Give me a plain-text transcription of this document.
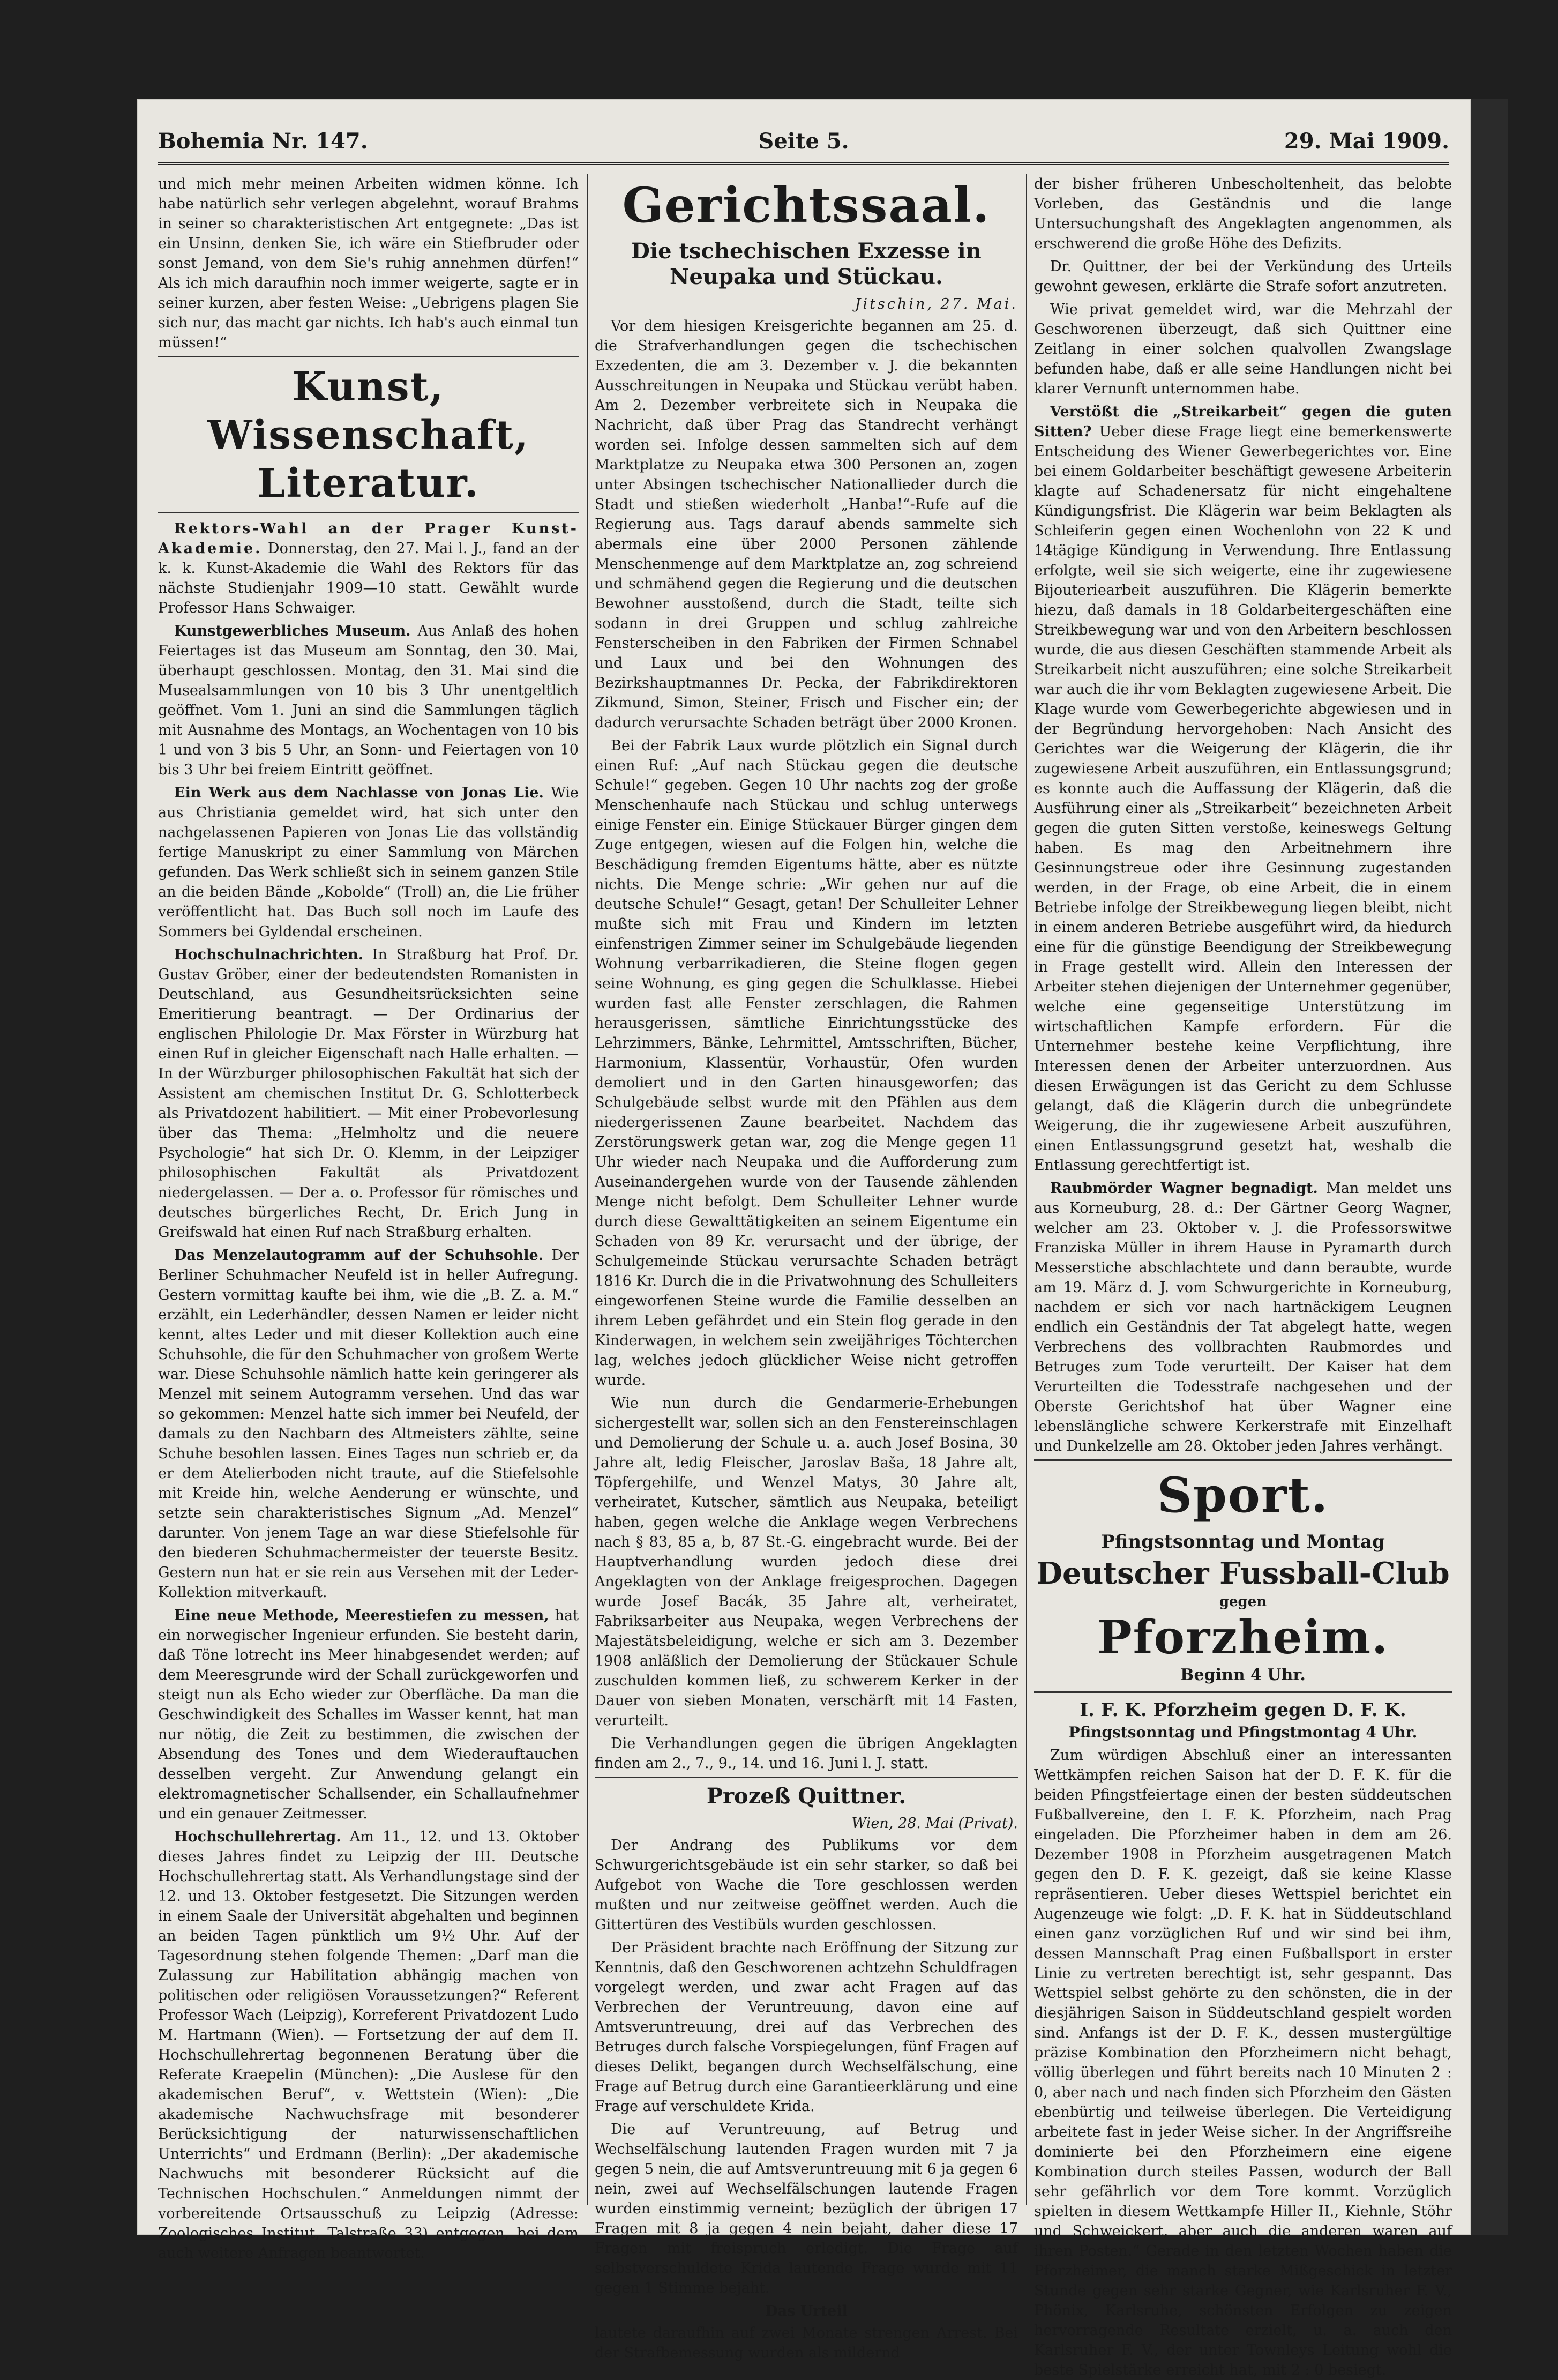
Bohemia Nr. 147.	Seite 5.	29. Mai 1909.

und mich mehr meinen Arbeiten widmen könne. Ich habe natürlich sehr verlegen abgelehnt, worauf Brahms in seiner so charakteristischen Art entgegnete: „Das ist ein Unsinn, denken Sie, ich wäre ein Stiefbruder oder sonst Jemand, von dem Sie's ruhig annehmen dürfen!“ Als ich mich daraufhin noch immer weigerte, sagte er in seiner kurzen, aber festen Weise: „Uebrigens plagen Sie sich nur, das macht gar nichts. Ich hab's auch einmal tun müssen!“

Kunst, Wissenschaft, Literatur.

Rektors-Wahl an der Prager Kunst-Akademie. Donnerstag, den 27. Mai l. J., fand an der k. k. Kunst-Akademie die Wahl des Rektors für das nächste Studienjahr 1909—10 statt. Gewählt wurde Professor Hans Schwaiger.

Kunstgewerbliches Museum. Aus Anlaß des hohen Feiertages ist das Museum am Sonntag, den 30. Mai, überhaupt geschlossen. Montag, den 31. Mai sind die Musealsammlungen von 10 bis 3 Uhr unentgeltlich geöffnet. Vom 1. Juni an sind die Sammlungen täglich mit Ausnahme des Montags, an Wochentagen von 10 bis 1 und von 3 bis 5 Uhr, an Sonn- und Feiertagen von 10 bis 3 Uhr bei freiem Eintritt geöffnet.

Ein Werk aus dem Nachlasse von Jonas Lie. Wie aus Christiania gemeldet wird, hat sich unter den nachgelassenen Papieren von Jonas Lie das vollständig fertige Manuskript zu einer Sammlung von Märchen gefunden. Das Werk schließt sich in seinem ganzen Stile an die beiden Bände „Kobolde“ (Troll) an, die Lie früher veröffentlicht hat. Das Buch soll noch im Laufe des Sommers bei Gyldendal erscheinen.

Hochschulnachrichten. In Straßburg hat Prof. Dr. Gustav Gröber, einer der bedeutendsten Romanisten in Deutschland, aus Gesundheitsrücksichten seine Emeritierung beantragt. — Der Ordinarius der englischen Philologie Dr. Max Förster in Würzburg hat einen Ruf in gleicher Eigenschaft nach Halle erhalten. — In der Würzburger philosophischen Fakultät hat sich der Assistent am chemischen Institut Dr. G. Schlotterbeck als Privatdozent habilitiert. — Mit einer Probevorlesung über das Thema: „Helmholtz und die neuere Psychologie“ hat sich Dr. O. Klemm, in der Leipziger philosophischen Fakultät als Privatdozent niedergelassen. — Der a. o. Professor für römisches und deutsches bürgerliches Recht, Dr. Erich Jung in Greifswald hat einen Ruf nach Straßburg erhalten.

Das Menzelautogramm auf der Schuhsohle. Der Berliner Schuhmacher Neufeld ist in heller Aufregung. Gestern vormittag kaufte bei ihm, wie die „B. Z. a. M.“ erzählt, ein Lederhändler, dessen Namen er leider nicht kennt, altes Leder und mit dieser Kollektion auch eine Schuhsohle, die für den Schuhmacher von großem Werte war. Diese Schuhsohle nämlich hatte kein geringerer als Menzel mit seinem Autogramm versehen. Und das war so gekommen: Menzel hatte sich immer bei Neufeld, der damals zu den Nachbarn des Altmeisters zählte, seine Schuhe besohlen lassen. Eines Tages nun schrieb er, da er dem Atelierboden nicht traute, auf die Stiefelsohle mit Kreide hin, welche Aenderung er wünschte, und setzte sein charakteristisches Signum „Ad. Menzel“ darunter. Von jenem Tage an war diese Stiefelsohle für den biederen Schuhmachermeister der teuerste Besitz. Gestern nun hat er sie rein aus Versehen mit der Leder-Kollektion mitverkauft.

Eine neue Methode, Meerestiefen zu messen, hat ein norwegischer Ingenieur erfunden. Sie besteht darin, daß Töne lotrecht ins Meer hinabgesendet werden; auf dem Meeresgrunde wird der Schall zurückgeworfen und steigt nun als Echo wieder zur Oberfläche. Da man die Geschwindigkeit des Schalles im Wasser kennt, hat man nur nötig, die Zeit zu bestimmen, die zwischen der Absendung des Tones und dem Wiederauftauchen desselben vergeht. Zur Anwendung gelangt ein elektromagnetischer Schallsender, ein Schallaufnehmer und ein genauer Zeitmesser.

Hochschullehrertag. Am 11., 12. und 13. Oktober dieses Jahres findet zu Leipzig der III. Deutsche Hochschullehrertag statt. Als Verhandlungstage sind der 12. und 13. Oktober festgesetzt. Die Sitzungen werden in einem Saale der Universität abgehalten und beginnen an beiden Tagen pünktlich um 9½ Uhr. Auf der Tagesordnung stehen folgende Themen: „Darf man die Zulassung zur Habilitation abhängig machen von politischen oder religiösen Voraussetzungen?“ Referent Professor Wach (Leipzig), Korreferent Privatdozent Ludo M. Hartmann (Wien). — Fortsetzung der auf dem II. Hochschullehrertag begonnenen Beratung über die Referate Kraepelin (München): „Die Auslese für den akademischen Beruf“, v. Wettstein (Wien): „Die akademische Nachwuchsfrage mit besonderer Berücksichtigung der naturwissenschaftlichen Unterrichts“ und Erdmann (Berlin): „Der akademische Nachwuchs mit besonderer Rücksicht auf die Technischen Hochschulen.“ Anmeldungen nimmt der vorbereitende Ortsausschuß zu Leipzig (Adresse: Zoologisches Institut, Talstraße 33) entgegen, bei dem auch weitere Anfragen beantwortet.

Gerichtssaal.
Die tschechischen Exzesse in Neupaka und Stückau.
Jitschin, 27. Mai.

Vor dem hiesigen Kreisgerichte begannen am 25. d. die Strafverhandlungen gegen die tschechischen Exzedenten, die am 3. Dezember v. J. die bekannten Ausschreitungen in Neupaka und Stückau verübt haben. Am 2. Dezember verbreitete sich in Neupaka die Nachricht, daß über Prag das Standrecht verhängt worden sei. Infolge dessen sammelten sich auf dem Marktplatze zu Neupaka etwa 300 Personen an, zogen unter Absingen tschechischer Nationallieder durch die Stadt und stießen wiederholt „Hanba!“-Rufe auf die Regierung aus. Tags darauf abends sammelte sich abermals eine über 2000 Personen zählende Menschenmenge auf dem Marktplatze an, zog schreiend und schmähend gegen die Regierung und die deutschen Bewohner ausstoßend, durch die Stadt, teilte sich sodann in drei Gruppen und schlug zahlreiche Fensterscheiben in den Fabriken der Firmen Schnabel und Laux und bei den Wohnungen des Bezirkshauptmannes Dr. Pecka, der Fabrikdirektoren Zikmund, Simon, Steiner, Frisch und Fischer ein; der dadurch verursachte Schaden beträgt über 2000 Kronen.

Bei der Fabrik Laux wurde plötzlich ein Signal durch einen Ruf: „Auf nach Stückau gegen die deutsche Schule!“ gegeben. Gegen 10 Uhr nachts zog der große Menschenhaufe nach Stückau und schlug unterwegs einige Fenster ein. Einige Stückauer Bürger gingen dem Zuge entgegen, wiesen auf die Folgen hin, welche die Beschädigung fremden Eigentums hätte, aber es nützte nichts. Die Menge schrie: „Wir gehen nur auf die deutsche Schule!“ Gesagt, getan! Der Schulleiter Lehner mußte sich mit Frau und Kindern im letzten einfenstrigen Zimmer seiner im Schulgebäude liegenden Wohnung verbarrikadieren, die Steine flogen gegen seine Wohnung, es ging gegen die Schulklasse. Hiebei wurden fast alle Fenster zerschlagen, die Rahmen herausgerissen, sämtliche Einrichtungsstücke des Lehrzimmers, Bänke, Lehrmittel, Amtsschriften, Bücher, Harmonium, Klassentür, Vorhaustür, Ofen wurden demoliert und in den Garten hinausgeworfen; das Schulgebäude selbst wurde mit den Pfählen aus dem niedergerissenen Zaune bearbeitet. Nachdem das Zerstörungswerk getan war, zog die Menge gegen 11 Uhr wieder nach Neupaka und die Aufforderung zum Auseinandergehen wurde von der Tausende zählenden Menge nicht befolgt. Dem Schulleiter Lehner wurde durch diese Gewalttätigkeiten an seinem Eigentume ein Schaden von 89 Kr. verursacht und der übrige, der Schulgemeinde Stückau verursachte Schaden beträgt 1816 Kr. Durch die in die Privatwohnung des Schulleiters eingeworfenen Steine wurde die Familie desselben an ihrem Leben gefährdet und ein Stein flog gerade in den Kinderwagen, in welchem sein zweijähriges Töchterchen lag, welches jedoch glücklicher Weise nicht getroffen wurde.

Wie nun durch die Gendarmerie-Erhebungen sichergestellt war, sollen sich an den Fenstereinschlagen und Demolierung der Schule u. a. auch Josef Bosina, 30 Jahre alt, ledig Fleischer, Jaroslav Baša, 18 Jahre alt, Töpfergehilfe, und Wenzel Matys, 30 Jahre alt, verheiratet, Kutscher, sämtlich aus Neupaka, beteiligt haben, gegen welche die Anklage wegen Verbrechens nach § 83, 85 a, b, 87 St.-G. eingebracht wurde. Bei der Hauptverhandlung wurden jedoch diese drei Angeklagten von der Anklage freigesprochen. Dagegen wurde Josef Bacák, 35 Jahre alt, verheiratet, Fabriksarbeiter aus Neupaka, wegen Verbrechens der Majestätsbeleidigung, welche er sich am 3. Dezember 1908 anläßlich der Demolierung der Stückauer Schule zuschulden kommen ließ, zu schwerem Kerker in der Dauer von sieben Monaten, verschärft mit 14 Fasten, verurteilt.

Die Verhandlungen gegen die übrigen Angeklagten finden am 2., 7., 9., 14. und 16. Juni l. J. statt.

Prozeß Quittner.
Wien, 28. Mai (Privat).

Der Andrang des Publikums vor dem Schwurgerichtsgebäude ist ein sehr starker, so daß bei Aufgebot von Wache die Tore geschlossen werden mußten und nur zeitweise geöffnet werden. Auch die Gittertüren des Vestibüls wurden geschlossen.

Der Präsident brachte nach Eröffnung der Sitzung zur Kenntnis, daß den Geschworenen achtzehn Schuldfragen vorgelegt werden, und zwar acht Fragen auf das Verbrechen der Veruntreuung, davon eine auf Amtsveruntreuung, drei auf das Verbrechen des Betruges durch falsche Vorspiegelungen, fünf Fragen auf dieses Delikt, begangen durch Wechselfälschung, eine Frage auf Betrug durch eine Garantieerklärung und eine Frage auf verschuldete Krida.

Die auf Veruntreuung, auf Betrug und Wechselfälschung lautenden Fragen wurden mit 7 ja gegen 5 nein, die auf Amtsveruntreuung mit 6 ja gegen 6 nein, zwei auf Wechselfälschungen lautende Fragen wurden einstimmig verneint; bezüglich der übrigen 17 Fragen mit 8 ja gegen 4 nein bejaht, daher diese 17 Fragen mit freispruch erledigt. Die Frage auf selbstverschuldete Krida lautende Frage wurde mit 11 gegen 1 Stimme bejaht.

Das Urteil

lautete daraufhin auf zwei Monate strengen Arrest. Bei der Strafbemessung wurden als mildernd

der bisher früheren Unbescholtenheit, das belobte Vorleben, das Geständnis und die lange Untersuchungshaft des Angeklagten angenommen, als erschwerend die große Höhe des Defizits.

Dr. Quittner, der bei der Verkündung des Urteils gewohnt gewesen, erklärte die Strafe sofort anzutreten.

Wie privat gemeldet wird, war die Mehrzahl der Geschworenen überzeugt, daß sich Quittner eine Zeitlang in einer solchen qualvollen Zwangslage befunden habe, daß er alle seine Handlungen nicht bei klarer Vernunft unternommen habe.

Verstößt die „Streikarbeit“ gegen die guten Sitten? Ueber diese Frage liegt eine bemerkenswerte Entscheidung des Wiener Gewerbegerichtes vor. Eine bei einem Goldarbeiter beschäftigt gewesene Arbeiterin klagte auf Schadenersatz für nicht eingehaltene Kündigungsfrist. Die Klägerin war beim Beklagten als Schleiferin gegen einen Wochenlohn von 22 K und 14tägige Kündigung in Verwendung. Ihre Entlassung erfolgte, weil sie sich weigerte, eine ihr zugewiesene Bijouteriearbeit auszuführen. Die Klägerin bemerkte hiezu, daß damals in 18 Goldarbeitergeschäften eine Streikbewegung war und von den Arbeitern beschlossen wurde, die aus diesen Geschäften stammende Arbeit als Streikarbeit nicht auszuführen; eine solche Streikarbeit war auch die ihr vom Beklagten zugewiesene Arbeit. Die Klage wurde vom Gewerbegerichte abgewiesen und in der Begründung hervorgehoben: Nach Ansicht des Gerichtes war die Weigerung der Klägerin, die ihr zugewiesene Arbeit auszuführen, ein Entlassungsgrund; es konnte auch die Auffassung der Klägerin, daß die Ausführung einer als „Streikarbeit“ bezeichneten Arbeit gegen die guten Sitten verstoße, keineswegs Geltung haben. Es mag den Arbeitnehmern ihre Gesinnungstreue oder ihre Gesinnung zugestanden werden, in der Frage, ob eine Arbeit, die in einem Betriebe infolge der Streikbewegung liegen bleibt, nicht in einem anderen Betriebe ausgeführt wird, da hiedurch eine für die günstige Beendigung der Streikbewegung in Frage gestellt wird. Allein den Interessen der Arbeiter stehen diejenigen der Unternehmer gegenüber, welche eine gegenseitige Unterstützung im wirtschaftlichen Kampfe erfordern. Für die Unternehmer bestehe keine Verpflichtung, ihre Interessen denen der Arbeiter unterzuordnen. Aus diesen Erwägungen ist das Gericht zu dem Schlusse gelangt, daß die Klägerin durch die unbegründete Weigerung, die ihr zugewiesene Arbeit auszuführen, einen Entlassungsgrund gesetzt hat, weshalb die Entlassung gerechtfertigt ist.

Raubmörder Wagner begnadigt. Man meldet uns aus Korneuburg, 28. d.: Der Gärtner Georg Wagner, welcher am 23. Oktober v. J. die Professorswitwe Franziska Müller in ihrem Hause in Pyramarth durch Messerstiche abschlachtete und dann beraubte, wurde am 19. März d. J. vom Schwurgerichte in Korneuburg, nachdem er sich vor nach hartnäckigem Leugnen endlich ein Geständnis der Tat abgelegt hatte, wegen Verbrechens des vollbrachten Raubmordes und Betruges zum Tode verurteilt. Der Kaiser hat dem Verurteilten die Todesstrafe nachgesehen und der Oberste Gerichtshof hat über Wagner eine lebenslängliche schwere Kerkerstrafe mit Einzelhaft und Dunkelzelle am 28. Oktober jeden Jahres verhängt.

Sport.
Pfingstsonntag und Montag
Deutscher Fussball-Club
gegen
Pforzheim.
Beginn 4 Uhr.
I. F. K. Pforzheim gegen D. F. K.
Pfingstsonntag und Pfingstmontag 4 Uhr.

Zum würdigen Abschluß einer an interessanten Wettkämpfen reichen Saison hat der D. F. K. für die beiden Pfingstfeiertage einen der besten süddeutschen Fußballvereine, den I. F. K. Pforzheim, nach Prag eingeladen. Die Pforzheimer haben in dem am 26. Dezember 1908 in Pforzheim ausgetragenen Match gegen den D. F. K. gezeigt, daß sie keine Klasse repräsentieren. Ueber dieses Wettspiel berichtet ein Augenzeuge wie folgt: „D. F. K. hat in Süddeutschland einen ganz vorzüglichen Ruf und wir sind bei ihm, dessen Mannschaft Prag einen Fußballsport in erster Linie zu vertreten berechtigt ist, sehr gespannt. Das Wettspiel selbst gehörte zu den schönsten, die in der diesjährigen Saison in Süddeutschland gespielt worden sind. Anfangs ist der D. F. K., dessen mustergültige präzise Kombination den Pforzheimern nicht behagt, völlig überlegen und führt bereits nach 10 Minuten 2 : 0, aber nach und nach finden sich Pforzheim den Gästen ebenbürtig und teilweise überlegen. Die Verteidigung arbeitete fast in jeder Weise sicher. In der Angriffsreihe dominierte bei den Pforzheimern eine eigene Kombination durch steiles Passen, wodurch der Ball sehr gefährlich vor dem Tore kommt. Vorzüglich spielten in diesem Wettkampfe Hiller II., Kiehnle, Stöhr und Schweickert, aber auch die anderen waren auf ihren Posten.“ Gerade in den letzten Wochen haben die Pforzheimer, die manch starke Mißgeschick in letzter Stunde gegen sehr starke Gegner, wie Karlsruher F. V., Phönix, Karlsruhe, schönsten Erfolgen zu zeigen hervorragende Resultate erzielt, u. a. auch den Karlsruher F. V., der unter Townleys Leitung wohl die beste Spielstärke erreicht hat, mit 2 : 0 besiegt.
